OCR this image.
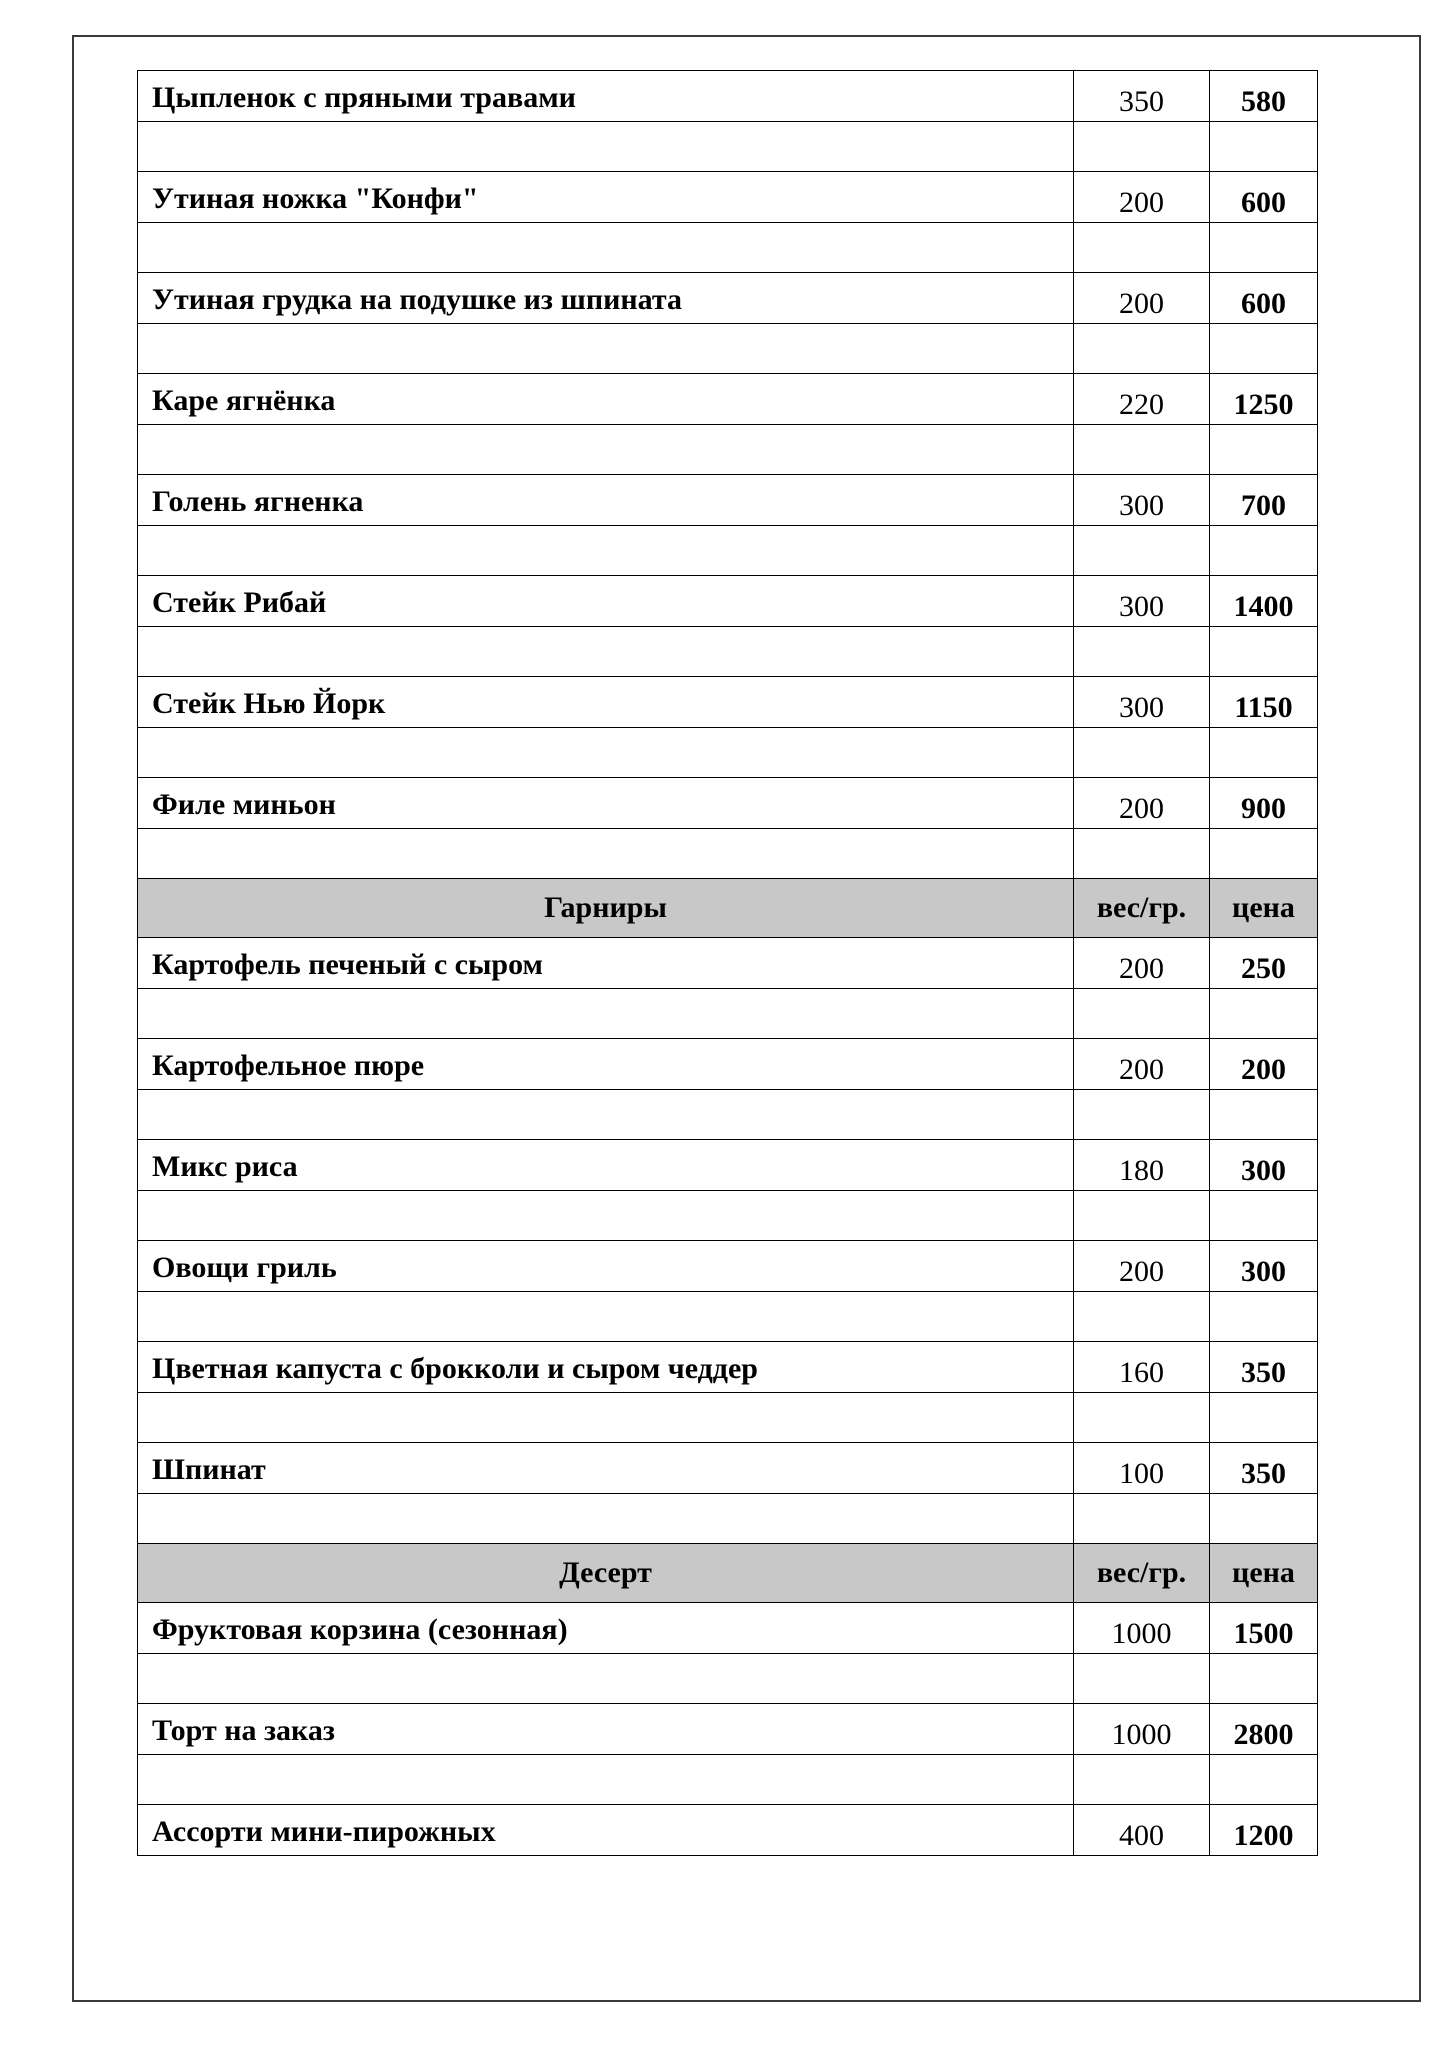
Цыпленок с пряными травами	350	580

Утиная ножка "Конфи"	200	600

Утиная грудка на подушке из шпината	200	600

Каре ягнёнка	220	1250

Голень ягненка	300	700

Стейк Рибай	300	1400

Стейк Нью Йорк	300	1150

Филе миньон	200	900

Гарниры	вес/гр.	цена
Картофель печеный с сыром	200	250

Картофельное пюре	200	200

Микс риса	180	300

Овощи гриль	200	300

Цветная капуста с брокколи и сыром чеддер	160	350

Шпинат	100	350

Десерт	вес/гр.	цена
Фруктовая корзина (сезонная)	1000	1500

Торт на заказ	1000	2800

Ассорти мини-пирожных	400	1200
